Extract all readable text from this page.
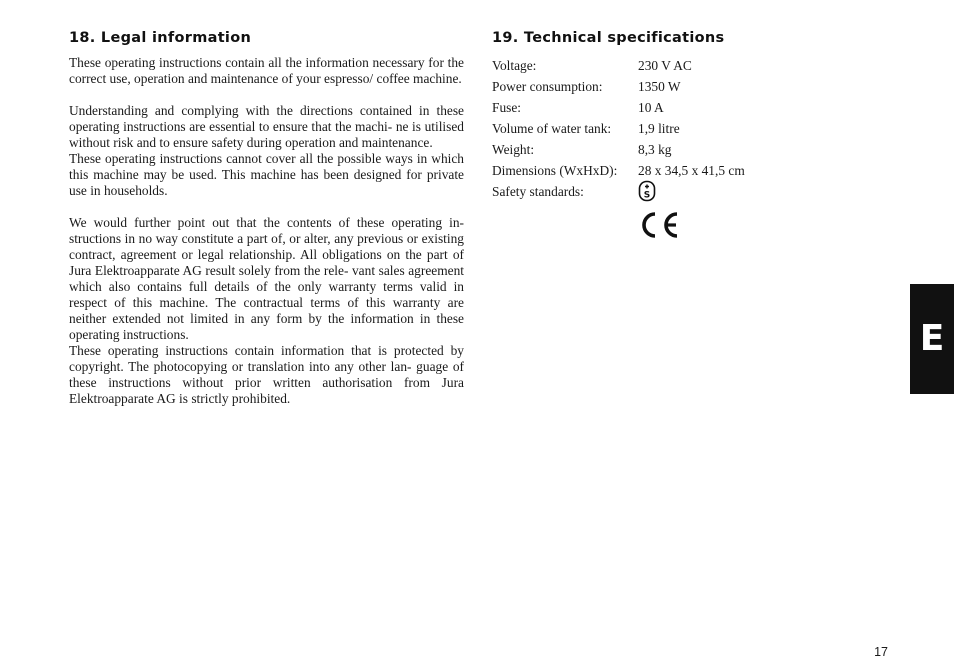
18. Legal information

These operating instructions contain all the information necessary for the correct use, operation and maintenance of your espresso/ coffee machine.

Understanding and complying with the directions contained in these operating instructions are essential to ensure that the machi- ne is utilised without risk and to ensure safety during operation and maintenance.

These operating instructions cannot cover all the possible ways in which this machine may be used. This machine has been designed for private use in households.

We would further point out that the contents of these operating in- structions in no way constitute a part of, or alter, any previous or existing contract, agreement or legal relationship. All obligations on the part of Jura Elektroapparate AG result solely from the rele- vant sales agreement which also contains full details of the only warranty terms valid in respect of this machine. The contractual terms of this warranty are neither extended not limited in any form by the information in these operating instructions.

These operating instructions contain information that is protected by copyright. The photocopying or translation into any other lan- guage of these instructions without prior written authorisation from Jura Elektroapparate AG is strictly prohibited.

19. Technical specifications
Voltage:	230 V AC
Power consumption:	1350 W
Fuse:	10 A
Volume of water tank:	1,9 litre
Weight:	8,3 kg
Dimensions (WxHxD):	28 x 34,5 x 41,5 cm
Safety standards:	S
E
17
